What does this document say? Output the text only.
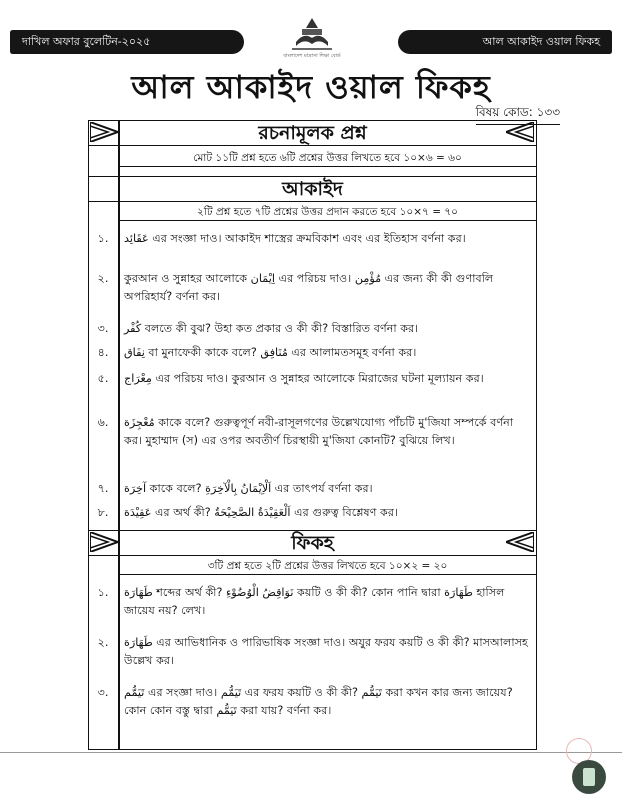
দাখিল অফার বুলেটিন-২০২৫	আল আকাইদ ওয়াল ফিকহ
বাংলাদেশ মাদ্রাসা শিক্ষা বোর্ড
আল আকাইদ ওয়াল ফিকহ
বিষয় কোড: ১৩৩
রচনামূলক প্রশ্ন
মোট ১১টি প্রশ্ন হতে ৬টি প্রশ্নের উত্তর লিখতে হবে ১০×৬ = ৬০
আকাইদ
২টি প্রশ্ন হতে ৭টি প্রশ্নের উত্তর প্রদান করতে হবে ১০×৭ = ৭০
১.	عَقَائِد এর সংজ্ঞা দাও। আকাইদ শাস্ত্রের ক্রমবিকাশ এবং এর ইতিহাস বর্ণনা কর।
২.	কুরআন ও সুন্নাহর আলোকে اِيْمَان এর পরিচয় দাও। مُؤْمِن এর জন্য কী কী গুণাবলি অপরিহার্য? বর্ণনা কর।
৩.	كُفْر বলতে কী বুঝ? উহা কত প্রকার ও কী কী? বিস্তারিত বর্ণনা কর।
৪.	نِفَاق বা মুনাফেকী কাকে বলে? مُنَافِق এর আলামতসমূহ বর্ণনা কর।
৫.	مِعْرَاج এর পরিচয় দাও। কুরআন ও সুন্নাহর আলোকে মিরাজের ঘটনা মূল্যায়ন কর।
৬.	مُعْجِزَة কাকে বলে? গুরুত্বপূর্ণ নবী-রাসূলগণের উল্লেখযোগ্য পাঁচটি মু'জিযা সম্পর্কে বর্ণনা কর। মুহাম্মাদ (স) এর ওপর অবতীর্ণ চিরস্থায়ী মু'জিযা কোনটি? বুঝিয়ে লিখ।
৭.	آخِرَة কাকে বলে? اَلْاِيْمَانُ بِالْآخِرَةِ এর তাৎপর্য বর্ণনা কর।
৮.	عَقِيْدَة এর অর্থ কী? اَلْعَقِيْدَةُ الصَّحِيْحَةُ এর গুরুত্ব বিশ্লেষণ কর।
ফিকহ
৩টি প্রশ্ন হতে ২টি প্রশ্নের উত্তর লিখতে হবে ১০×২ = ২০
১.	طَهَارَة শব্দের অর্থ কী? نَوَاقِضُ الْوُضُوْءِ কয়টি ও কী কী? কোন পানি দ্বারা طَهَارَة হাসিল জায়েয নয়? লেখ।
২.	طَهَارَة এর আভিধানিক ও পারিভাষিক সংজ্ঞা দাও। অযুর ফরয কয়টি ও কী কী? মাসআলাসহ উল্লেখ কর।
৩.	تَيَمُّم এর সংজ্ঞা দাও। تَيَمُّم এর ফরয কয়টি ও কী কী? تَيَمُّم করা কখন কার জন্য জায়েয? কোন কোন বস্তু দ্বারা تَيَمُّم করা যায়? বর্ণনা কর।
